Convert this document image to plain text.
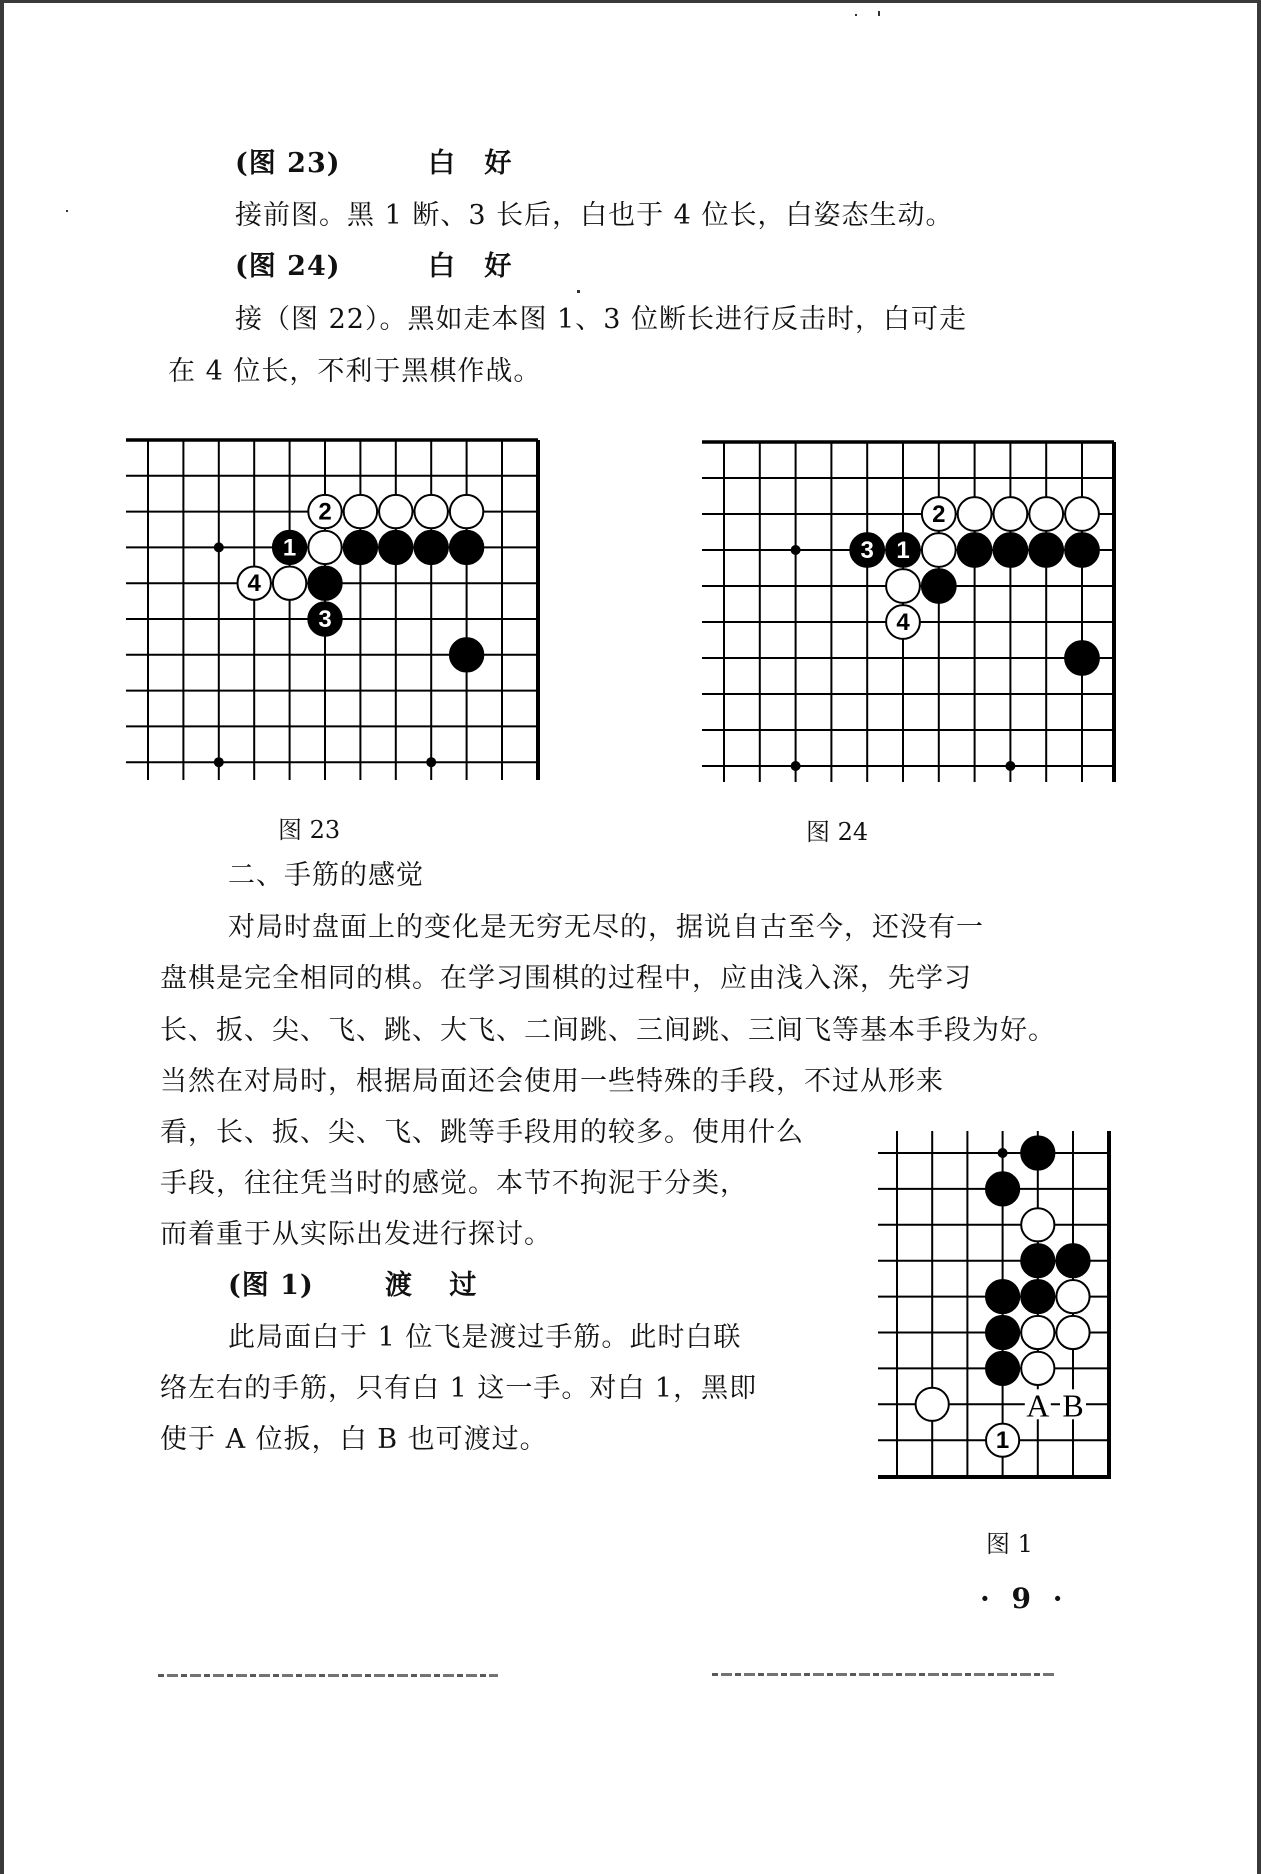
(图 23)	白 好
接前图。黑 1 断、3 长后，白也于 4 位长，白姿态生动。
(图 24)	白 好
接（图 22）。黑如走本图 1、3 位断长进行反击时，白可走
在 4 位长，不利于黑棋作战。
2
1
4
3
2
3 1
4
1
A B
图 23	图 24
二、手筋的感觉
对局时盘面上的变化是无穷无尽的，据说自古至今，还没有一
盘棋是完全相同的棋。在学习围棋的过程中，应由浅入深，先学习
长、扳、尖、飞、跳、大飞、二间跳、三间跳、三间飞等基本手段为好。
当然在对局时，根据局面还会使用一些特殊的手段，不过从形来
看，长、扳、尖、飞、跳等手段用的较多。使用什么
手段，往往凭当时的感觉。本节不拘泥于分类，
而着重于从实际出发进行探讨。
(图 1)	渡 过
此局面白于 1 位飞是渡过手筋。此时白联
络左右的手筋，只有白 1 这一手。对白 1，黑即
使于 A 位扳，白 B 也可渡过。
图 1
· 9 ·
